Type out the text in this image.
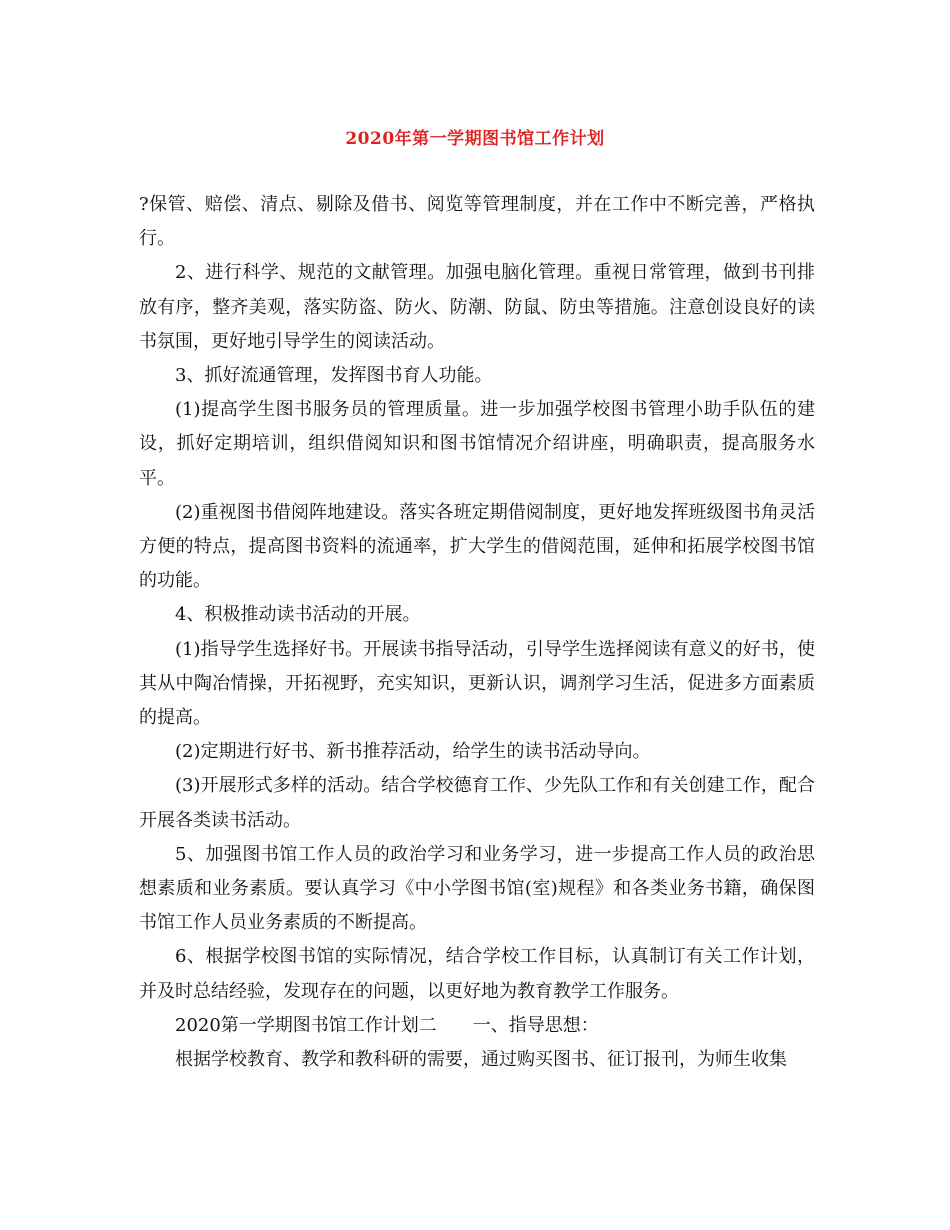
2020年第一学期图书馆工作计划

?保管、赔偿、清点、剔除及借书、阅览等管理制度，并在工作中不断完善，严格执行。

2、进行科学、规范的文献管理。加强电脑化管理。重视日常管理，做到书刊排放有序，整齐美观，落实防盗、防火、防潮、防鼠、防虫等措施。注意创设良好的读书氛围，更好地引导学生的阅读活动。

3、抓好流通管理，发挥图书育人功能。

(1)提高学生图书服务员的管理质量。进一步加强学校图书管理小助手队伍的建设，抓好定期培训，组织借阅知识和图书馆情况介绍讲座，明确职责，提高服务水平。

(2)重视图书借阅阵地建设。落实各班定期借阅制度，更好地发挥班级图书角灵活方便的特点，提高图书资料的流通率，扩大学生的借阅范围，延伸和拓展学校图书馆的功能。

4、积极推动读书活动的开展。

(1)指导学生选择好书。开展读书指导活动，引导学生选择阅读有意义的好书，使其从中陶冶情操，开拓视野，充实知识，更新认识，调剂学习生活，促进多方面素质的提高。

(2)定期进行好书、新书推荐活动，给学生的读书活动导向。

(3)开展形式多样的活动。结合学校德育工作、少先队工作和有关创建工作，配合开展各类读书活动。

5、加强图书馆工作人员的政治学习和业务学习，进一步提高工作人员的政治思想素质和业务素质。要认真学习《中小学图书馆(室)规程》和各类业务书籍，确保图书馆工作人员业务素质的不断提高。

6、根据学校图书馆的实际情况，结合学校工作目标，认真制订有关工作计划，并及时总结经验，发现存在的问题，以更好地为教育教学工作服务。

2020第一学期图书馆工作计划二　　一、指导思想：

根据学校教育、教学和教科研的需要，通过购买图书、征订报刊，为师生收集
